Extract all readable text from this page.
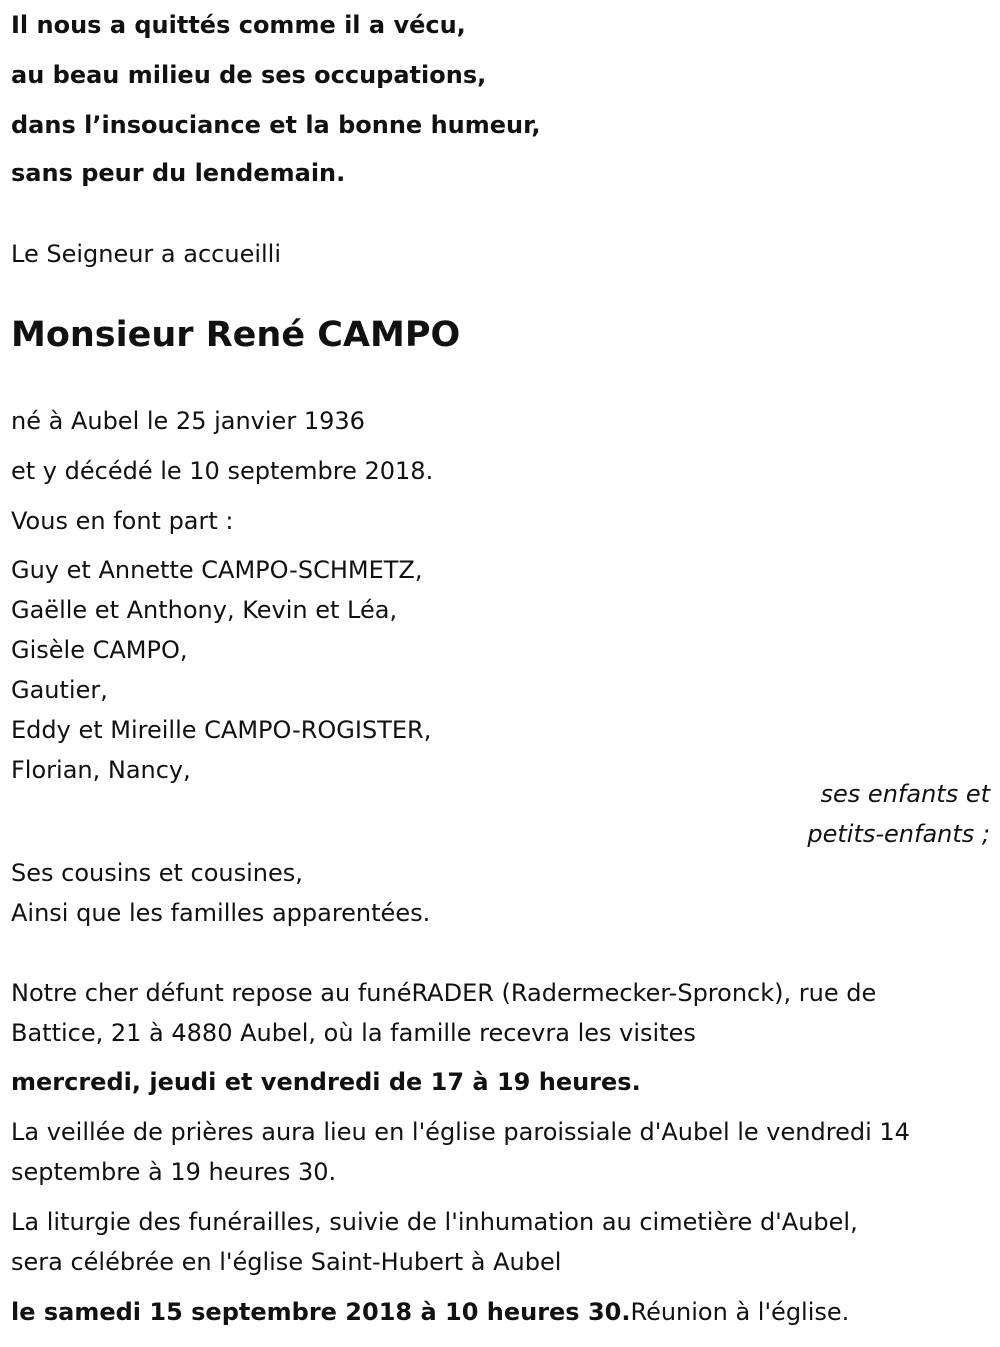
Il nous a quittés comme il a vécu,
au beau milieu de ses occupations,
dans l’insouciance et la bonne humeur,
sans peur du lendemain.
Le Seigneur a accueilli
Monsieur René CAMPO
né à Aubel le 25 janvier 1936
et y décédé le 10 septembre 2018.
Vous en font part :
Guy et Annette CAMPO-SCHMETZ,
Gaëlle et Anthony, Kevin et Léa,
Gisèle CAMPO,
Gautier,
Eddy et Mireille CAMPO-ROGISTER,
Florian, Nancy,
ses enfants et
petits-enfants ;
Ses cousins et cousines,
Ainsi que les familles apparentées.
Notre cher défunt repose au funéRADER (Radermecker-Spronck), rue de
Battice, 21 à 4880 Aubel, où la famille recevra les visites
mercredi, jeudi et vendredi de 17 à 19 heures.
La veillée de prières aura lieu en l'église paroissiale d'Aubel le vendredi 14
septembre à 19 heures 30.
La liturgie des funérailles, suivie de l'inhumation au cimetière d'Aubel,
sera célébrée en l'église Saint-Hubert à Aubel
le samedi 15 septembre 2018 à 10 heures 30.Réunion à l'église.
